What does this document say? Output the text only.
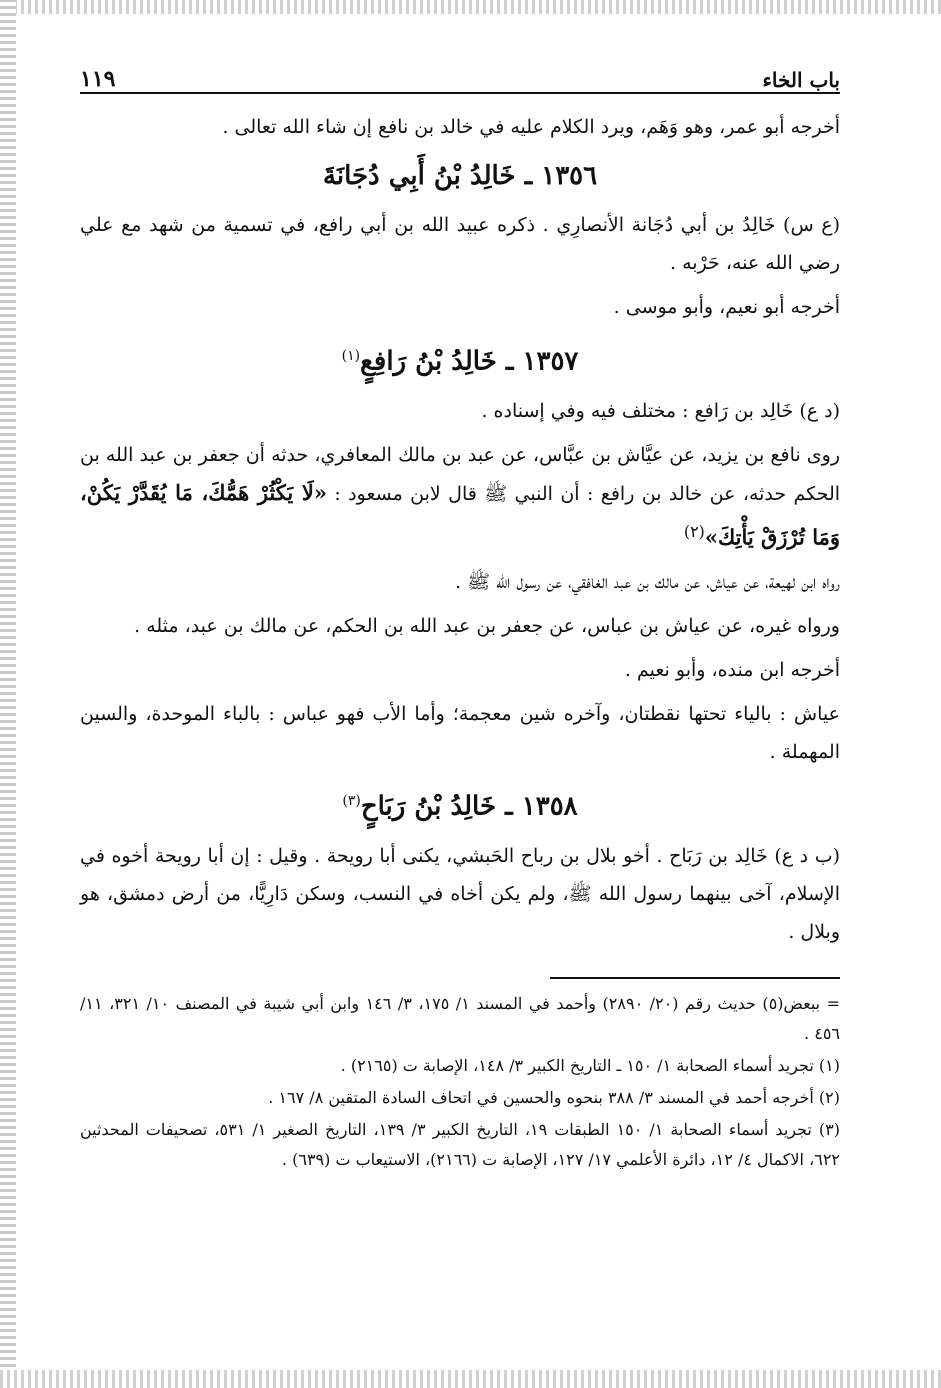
باب الخاء
١١٩

أخرجه أبو عمر، وهو وَهَم، ويرد الكلام عليه في خالد بن نافع إن شاء الله تعالى .

١٣٥٦ ـ خَالِدُ بْنُ أَبِي دُجَانَةَ

(ع س) خَالِدُ بن أبي دُجَانة الأنصارِي . ذكره عبيد الله بن أبي رافع، في تسمية من شهد مع علي رضي الله عنه، حَرْبه .

أخرجه أبو نعيم، وأبو موسى .

١٣٥٧ ـ خَالِدُ بْنُ رَافِعٍ$^{(١)}$

(د ع) خَالِد بن رَافع : مختلف فيه وفي إسناده .

روى نافع بن يزيد، عن عيَّاش بن عبَّاس، عن عبد بن مالك المعافري، حدثه أن جعفر بن عبد الله بن الحكم حدثه، عن خالد بن رافع : أن النبي ﷺ قال لابن مسعود : «لَا يَكْثُرْ هَمُّكَ، مَا يُقَدَّرْ يَكُنْ، وَمَا تُرْزَقْ يَأْتِكَ»$^{(٢)}$

رواه ابن لهيعة، عن عياش، عن مالك بن عبد الغافقي، عن رسول الله ﷺ .

ورواه غيره، عن عياش بن عباس، عن جعفر بن عبد الله بن الحكم، عن مالك بن عبد، مثله .

أخرجه ابن منده، وأبو نعيم .

عياش : بالياء تحتها نقطتان، وآخره شين معجمة؛ وأما الأب فهو عباس : بالباء الموحدة، والسين المهملة .

١٣٥٨ ـ خَالِدُ بْنُ رَبَاحٍ$^{(٣)}$

(ب د ع) خَالِد بن رَبَاح . أخو بلال بن رباح الحَبشي، يكنى أبا رويحة . وقيل : إن أبا رويحة أخوه في الإسلام، آخى بينهما رسول الله ﷺ، ولم يكن أخاه في النسب، وسكن دَارِيًّا، من أرض دمشق، هو وبلال .

= ببعض(٥) حديث رقم (٢٠/ ٢٨٩٠) وأحمد في المسند ١/ ١٧٥، ٣/ ١٤٦ وابن أبي شيبة في المصنف ١٠/ ٣٢١، ١١/ ٤٥٦ .

(١) تجريد أسماء الصحابة ١/ ١٥٠ ـ التاريخ الكبير ٣/ ١٤٨، الإصابة ت (٢١٦٥) .

(٢) أخرجه أحمد في المسند ٣/ ٣٨٨ بنحوه والحسين في اتحاف السادة المتقين ٨/ ١٦٧ .

(٣) تجريد أسماء الصحابة ١/ ١٥٠ الطبقات ١٩، التاريخ الكبير ٣/ ١٣٩، التاريخ الصغير ١/ ٥٣١، تصحيفات المحدثين ٦٢٢، الاكمال ٤/ ١٢، دائرة الأعلمي ١٧/ ١٢٧، الإصابة ت (٢١٦٦)، الاستيعاب ت (٦٣٩) .
